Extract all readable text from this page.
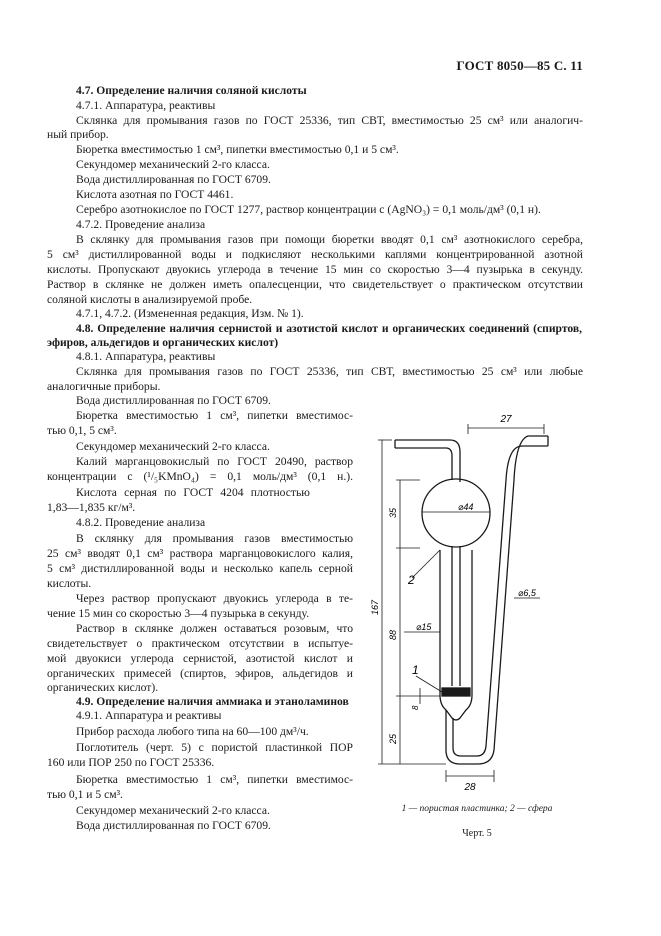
ГОСТ 8050—85 С. 11
4.7. Определение наличия соляной кислоты
4.7.1. Аппаратура, реактивы
Склянка для промывания газов по ГОСТ 25336, тип СВТ, вместимостью 25 см³ или аналогич-
ный прибор.
Бюретка вместимостью 1 см³, пипетки вместимостью 0,1 и 5 см³.
Секундомер механический 2-го класса.
Вода дистиллированная по ГОСТ 6709.
Кислота азотная по ГОСТ 4461.
Серебро азотнокислое по ГОСТ 1277, раствор концентрации c (AgNO₃) = 0,1 моль/дм³ (0,1 н).
4.7.2. Проведение анализа
В склянку для промывания газов при помощи бюретки вводят 0,1 см³ азотнокислого серебра,
5 см³ дистиллированной воды и подкисляют несколькими каплями концентрированной азотной
кислоты. Пропускают двуокись углерода в течение 15 мин со скоростью 3—4 пузырька в секунду.
Раствор в склянке не должен иметь опалесценции, что свидетельствует о практическом отсутствии
соляной кислоты в анализируемой пробе.
4.7.1, 4.7.2. (Измененная редакция, Изм. № 1).
4.8. Определение наличия сернистой и азотистой кислот и органических соединений (спиртов,
эфиров, альдегидов и органических кислот)
4.8.1. Аппаратура, реактивы
Склянка для промывания газов по ГОСТ 25336, тип СВТ, вместимостью 25 см³ или любые
аналогичные приборы.
Вода дистиллированная по ГОСТ 6709.
Бюретка вместимостью 1 см³, пипетки вместимос-
тью 0,1, 5 см³.
Секундомер механический 2-го класса.
Калий марганцовокислый по ГОСТ 20490, раствор
концентрации c (¹/₅KMnO₄) = 0,1 моль/дм³ (0,1 н.).
Кислота серная по ГОСТ 4204 плотностью
1,83—1,835 кг/м³.
4.8.2. Проведение анализа
В склянку для промывания газов вместимостью
25 см³ вводят 0,1 см³ раствора марганцовокислого калия,
5 см³ дистиллированной воды и несколько капель серной
кислоты.
Через раствор пропускают двуокись углерода в те-
чение 15 мин со скоростью 3—4 пузырька в секунду.
Раствор в склянке должен оставаться розовым, что
свидетельствует о практическом отсутствии в испытуе-
мой двуокиси углерода сернистой, азотистой кислот и
органических примесей (спиртов, эфиров, альдегидов и
органических кислот).
4.9. Определение наличия аммиака и этаноламинов
4.9.1. Аппаратура и реактивы
Прибор расхода любого типа на 60—100 дм³/ч.
Поглотитель (черт. 5) с пористой пластинкой ПОР
160 или ПОР 250 по ГОСТ 25336.
Бюретка вместимостью 1 см³, пипетки вместимос-
тью 0,1 и 5 см³.
Секундомер механический 2-го класса.
Вода дистиллированная по ГОСТ 6709.
27
⌀44
35
167
88
⌀15
⌀6,5
8
25
28
2
1
1 — пористая пластинка; 2 — сфера
Черт. 5
